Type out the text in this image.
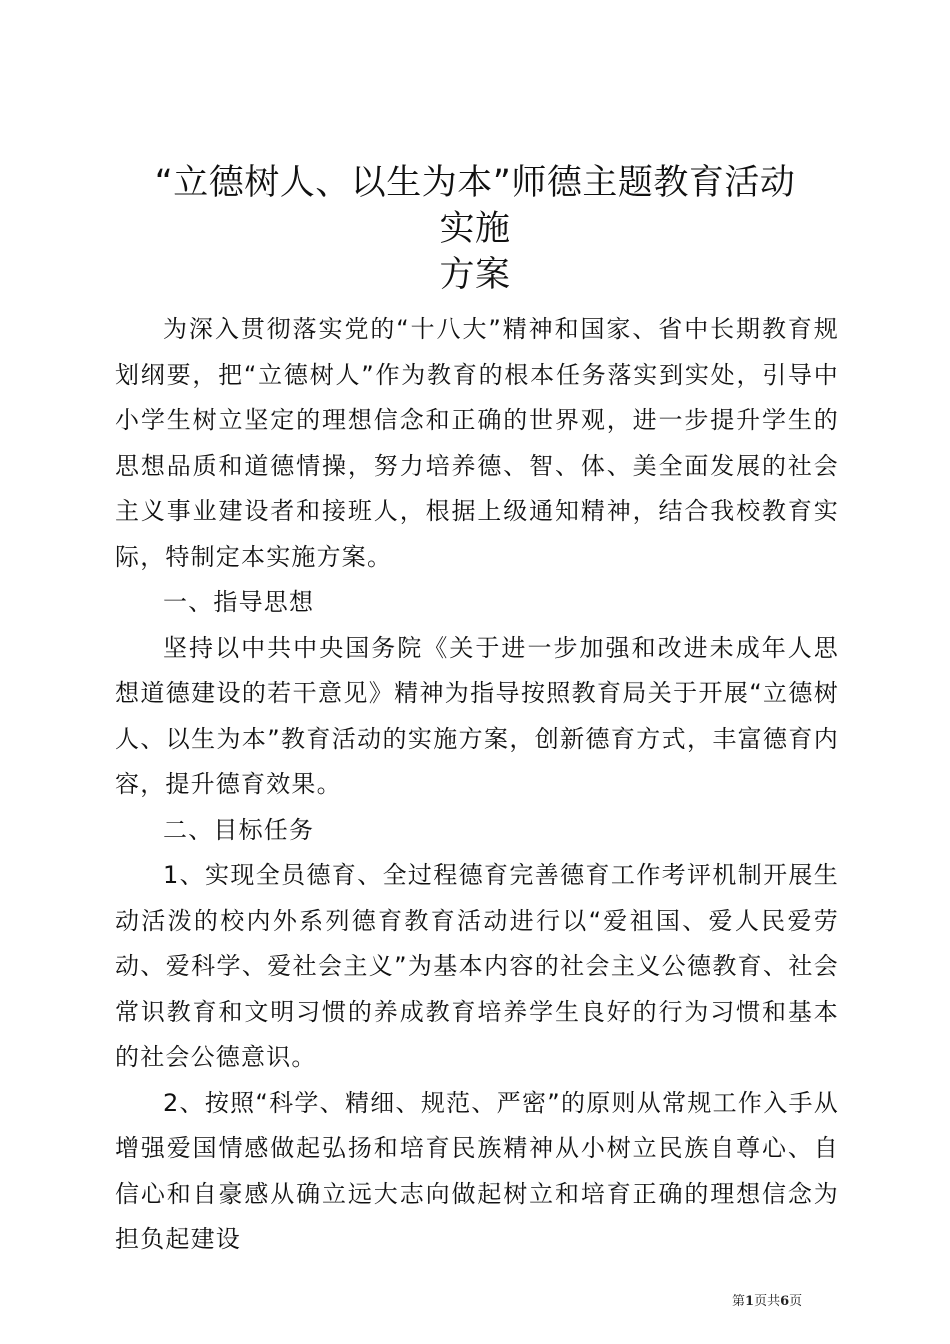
“立德树人、以生为本”师德主题教育活动
实施
方案

为深入贯彻落实党的“十八大”精神和国家、省中长期教育规划纲要，把“立德树人”作为教育的根本任务落实到实处，引导中小学生树立坚定的理想信念和正确的世界观，进一步提升学生的思想品质和道德情操，努力培养德、智、体、美全面发展的社会主义事业建设者和接班人，根据上级通知精神，结合我校教育实际，特制定本实施方案。

一、指导思想

坚持以中共中央国务院《关于进一步加强和改进未成年人思想道德建设的若干意见》精神为指导按照教育局关于开展“立德树人、以生为本”教育活动的实施方案，创新德育方式，丰富德育内容，提升德育效果。

二、目标任务

1、实现全员德育、全过程德育完善德育工作考评机制开展生动活泼的校内外系列德育教育活动进行以“爱祖国、爱人民爱劳动、爱科学、爱社会主义”为基本内容的社会主义公德教育、社会常识教育和文明习惯的养成教育培养学生良好的行为习惯和基本的社会公德意识。

2、按照“科学、精细、规范、严密”的原则从常规工作入手从增强爱国情感做起弘扬和培育民族精神从小树立民族自尊心、自信心和自豪感从确立远大志向做起树立和培育正确的理想信念为担负起建设

第1页共6页
